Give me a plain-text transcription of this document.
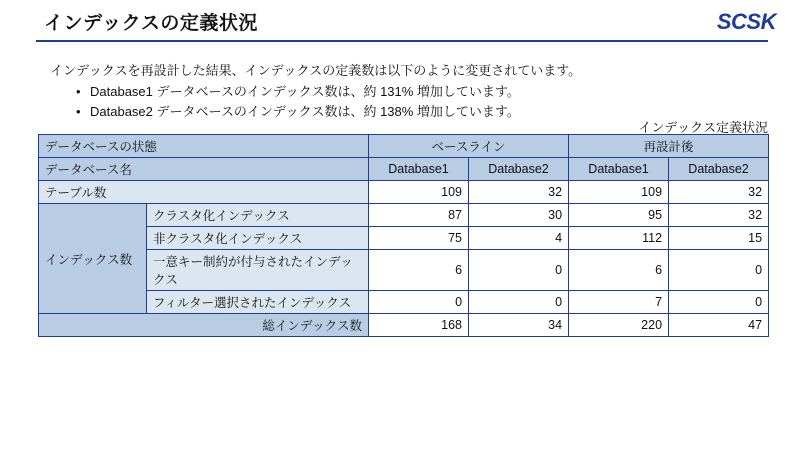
インデックスの定義状況	SCSK
インデックスを再設計した結果、インデックスの定義数は以下のように変更されています。
• Database1 データベースのインデックス数は、約 131% 増加しています。
• Database2 データベースのインデックス数は、約 138% 増加しています。
インデックス定義状況
データベースの状態		ベースライン		再設計後	
データベース名		Database1	Database2	Database1	Database2
テーブル数		109	32	109	32
インデックス数	クラスタ化インデックス	87	30	95	32
	非クラスタ化インデックス	75	4	112	15
	一意キー制約が付与されたインデックス	6	0	6	0
	フィルター選択されたインデックス	0	0	7	0
総インデックス数		168	34	220	47
